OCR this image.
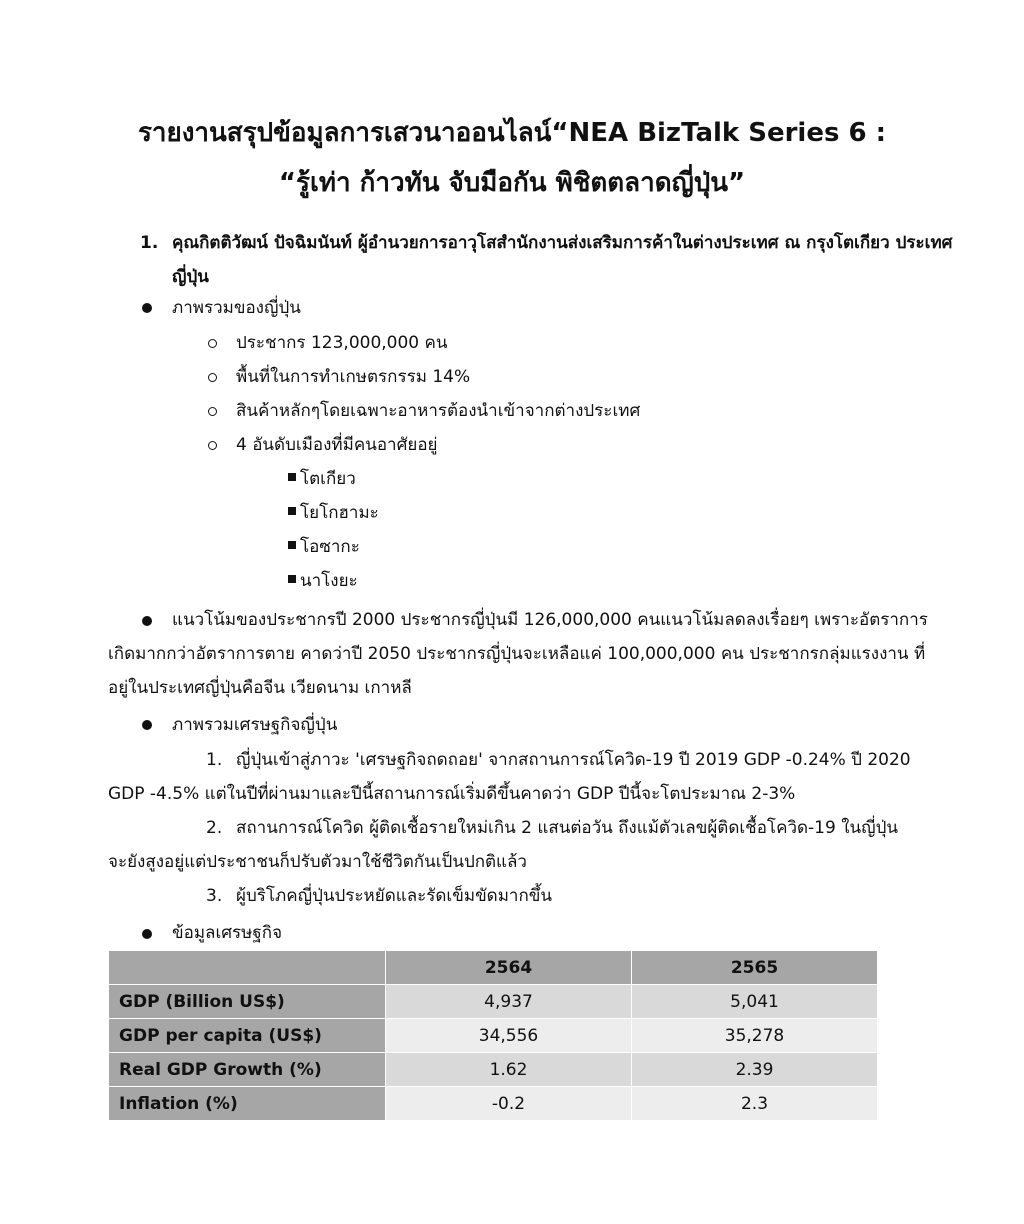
รายงานสรุปข้อมูลการเสวนาออนไลน์“NEA BizTalk Series 6 :
“รู้เท่า ก้าวทัน จับมือกัน พิชิตตลาดญี่ปุ่น”
1. คุณกิตติวัฒน์ ปัจฉิมนันท์ ผู้อำนวยการอาวุโสสำนักงานส่งเสริมการค้าในต่างประเทศ ณ กรุงโตเกียว ประเทศญี่ปุ่น
ภาพรวมของญี่ปุ่น
ประชากร 123,000,000 คน
พื้นที่ในการทำเกษตรกรรม 14%
สินค้าหลักๆโดยเฉพาะอาหารต้องนำเข้าจากต่างประเทศ
4 อันดับเมืองที่มีคนอาศัยอยู่
โตเกียว
โยโกฮามะ
โอซากะ
นาโงยะ
แนวโน้มของประชากรปี 2000 ประชากรญี่ปุ่นมี 126,000,000 คนแนวโน้มลดลงเรื่อยๆ เพราะอัตราการ
เกิดมากกว่าอัตราการตาย คาดว่าปี 2050 ประชากรญี่ปุ่นจะเหลือแค่ 100,000,000 คน ประชากรกลุ่มแรงงาน ที่
อยู่ในประเทศญี่ปุ่นคือจีน เวียดนาม เกาหลี
ภาพรวมเศรษฐกิจญี่ปุ่น
1. ญี่ปุ่นเข้าสู่ภาวะ 'เศรษฐกิจถดถอย' จากสถานการณ์โควิด-19 ปี 2019 GDP -0.24% ปี 2020
GDP -4.5% แต่ในปีที่ผ่านมาและปีนี้สถานการณ์เริ่มดีขึ้นคาดว่า GDP ปีนี้จะโตประมาณ 2-3%
2. สถานการณ์โควิด ผู้ติดเชื้อรายใหม่เกิน 2 แสนต่อวัน ถึงแม้ตัวเลขผู้ติดเชื้อโควิด-19 ในญี่ปุ่น
จะยังสูงอยู่แต่ประชาชนก็ปรับตัวมาใช้ชีวิตกันเป็นปกติแล้ว
3. ผู้บริโภคญี่ปุ่นประหยัดและรัดเข็มขัดมากขึ้น
ข้อมูลเศรษฐกิจ
	2564	2565
GDP (Billion US$)	4,937	5,041
GDP per capita (US$)	34,556	35,278
Real GDP Growth (%)	1.62	2.39
Inflation (%)	-0.2	2.3
